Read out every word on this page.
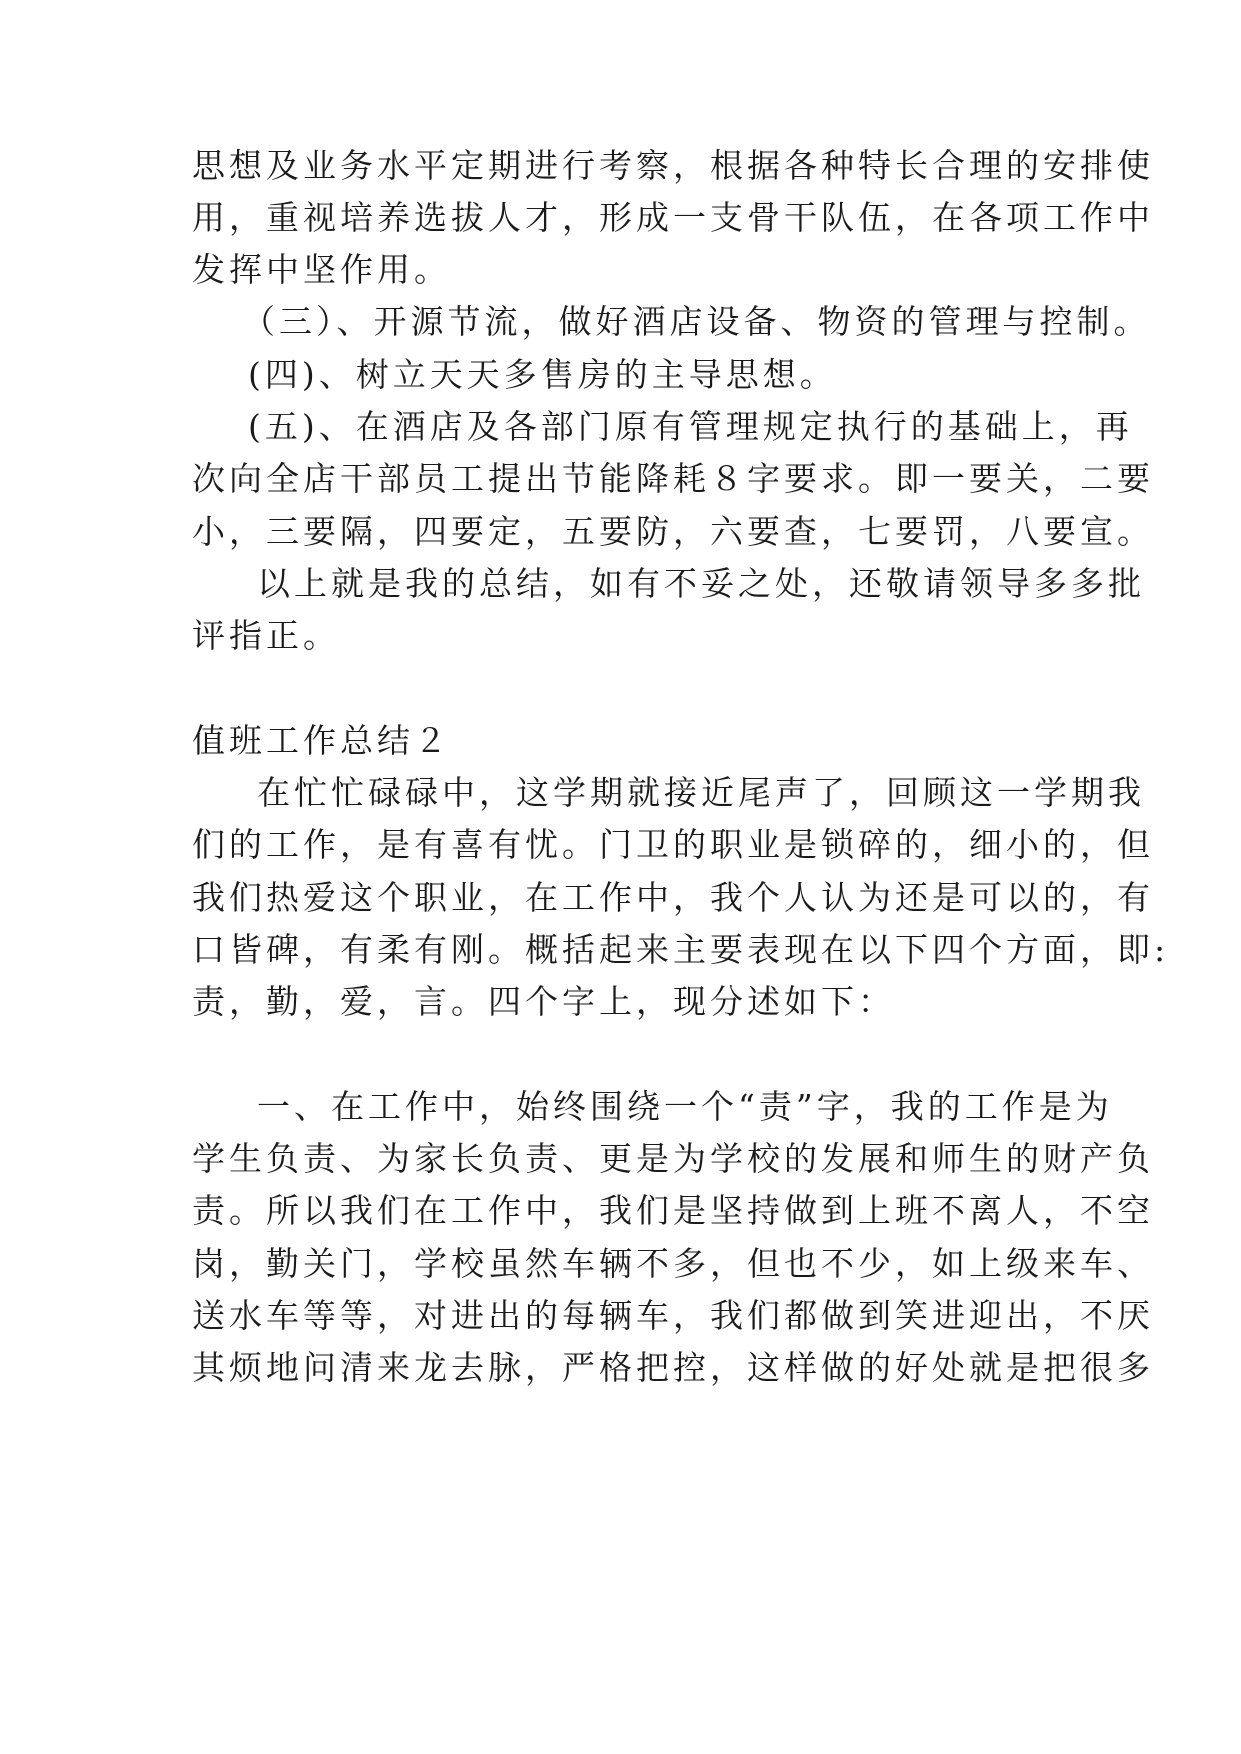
思想及业务水平定期进行考察，根据各种特长合理的安排使
用，重视培养选拔人才，形成一支骨干队伍，在各项工作中
发挥中坚作用。
（三）、开源节流，做好酒店设备、物资的管理与控制。
(四)、树立天天多售房的主导思想。
(五)、在酒店及各部门原有管理规定执行的基础上，再
次向全店干部员工提出节能降耗８字要求。即一要关，二要
小，三要隔，四要定，五要防，六要查，七要罚，八要宣。
以上就是我的总结，如有不妥之处，还敬请领导多多批
评指正。
值班工作总结２
在忙忙碌碌中，这学期就接近尾声了，回顾这一学期我
们的工作，是有喜有忧。门卫的职业是锁碎的，细小的，但
我们热爱这个职业，在工作中，我个人认为还是可以的，有
口皆碑，有柔有刚。概括起来主要表现在以下四个方面，即:
责，勤，爱，言。四个字上，现分述如下：
一、在工作中，始终围绕一个“责”字，我的工作是为
学生负责、为家长负责、更是为学校的发展和师生的财产负
责。所以我们在工作中，我们是坚持做到上班不离人，不空
岗，勤关门，学校虽然车辆不多，但也不少，如上级来车、
送水车等等，对进出的每辆车，我们都做到笑进迎出，不厌
其烦地问清来龙去脉，严格把控，这样做的好处就是把很多
